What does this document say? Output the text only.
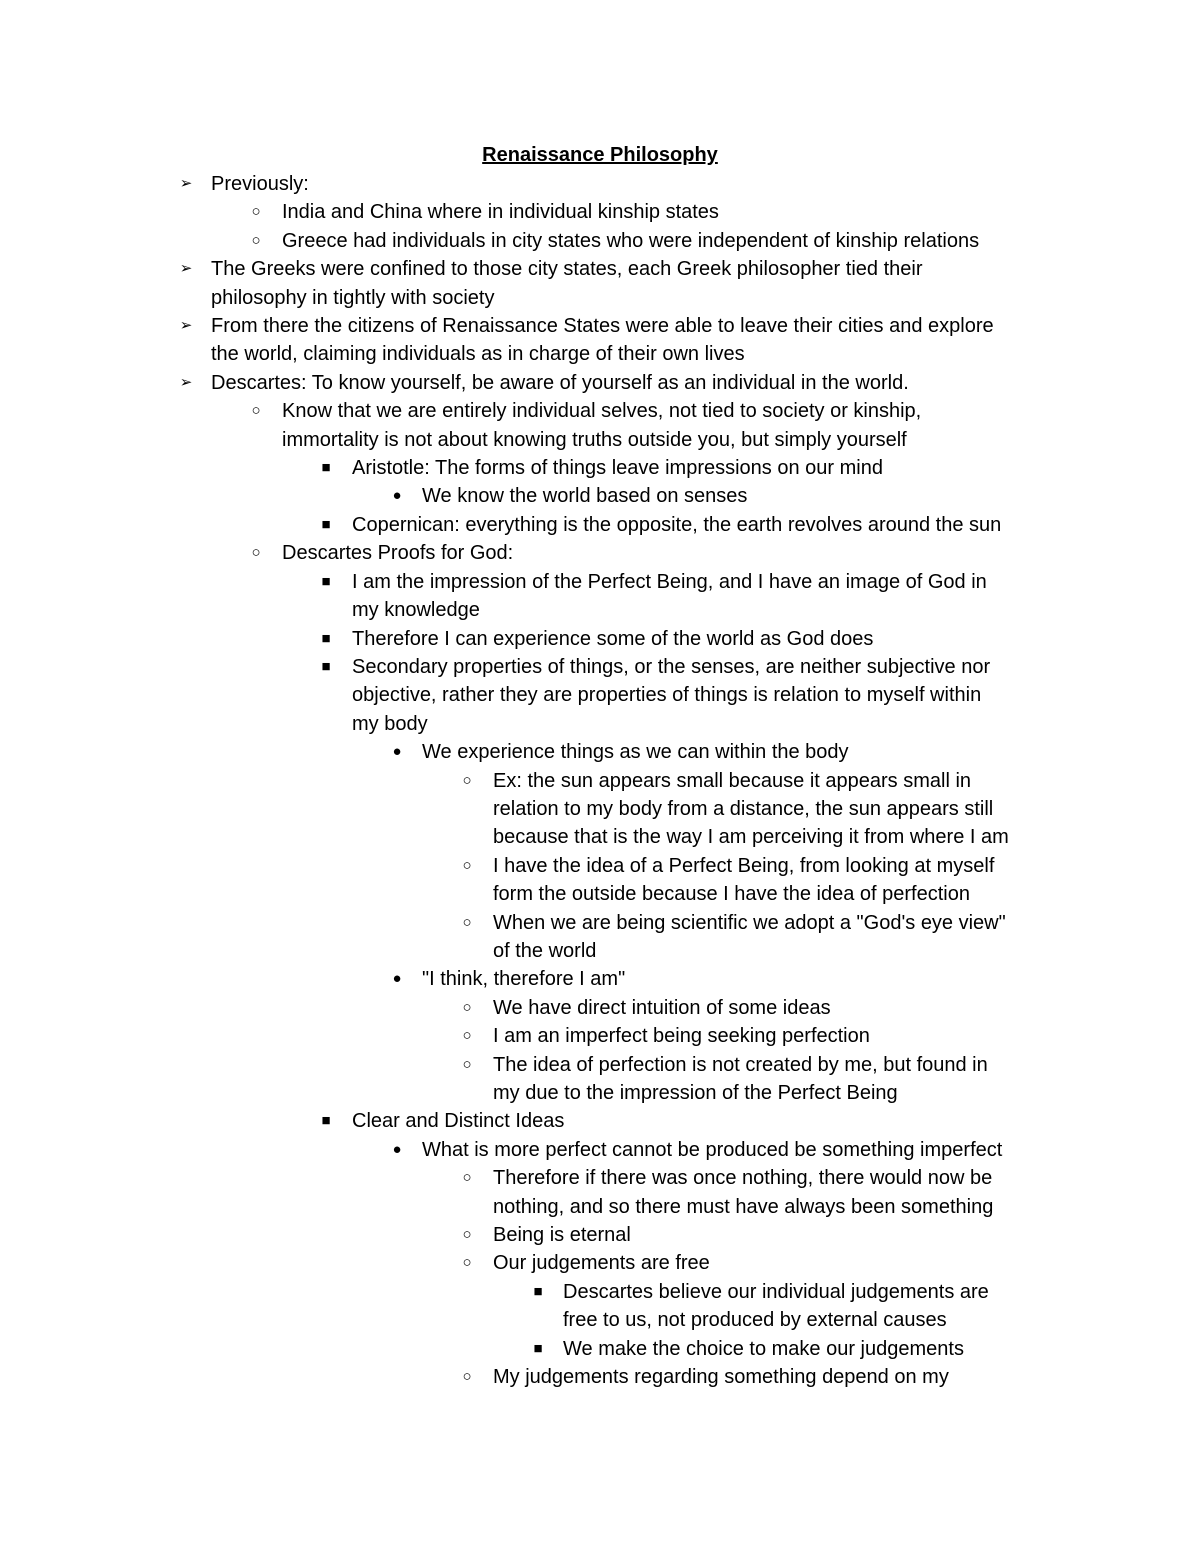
Renaissance Philosophy
➢ Previously:
○ India and China where in individual kinship states
○ Greece had individuals in city states who were independent of kinship relations
➢ The Greeks were confined to those city states, each Greek philosopher tied their
philosophy in tightly with society
➢ From there the citizens of Renaissance States were able to leave their cities and explore
the world, claiming individuals as in charge of their own lives
➢ Descartes: To know yourself, be aware of yourself as an individual in the world.
○ Know that we are entirely individual selves, not tied to society or kinship,
immortality is not about knowing truths outside you, but simply yourself
■ Aristotle: The forms of things leave impressions on our mind
● We know the world based on senses
■ Copernican: everything is the opposite, the earth revolves around the sun
○ Descartes Proofs for God:
■ I am the impression of the Perfect Being, and I have an image of God in
my knowledge
■ Therefore I can experience some of the world as God does
■ Secondary properties of things, or the senses, are neither subjective nor
objective, rather they are properties of things is relation to myself within
my body
● We experience things as we can within the body
○ Ex: the sun appears small because it appears small in
relation to my body from a distance, the sun appears still
because that is the way I am perceiving it from where I am
○ I have the idea of a Perfect Being, from looking at myself
form the outside because I have the idea of perfection
○ When we are being scientific we adopt a "God's eye view"
of the world
● "I think, therefore I am"
○ We have direct intuition of some ideas
○ I am an imperfect being seeking perfection
○ The idea of perfection is not created by me, but found in
my due to the impression of the Perfect Being
■ Clear and Distinct Ideas
● What is more perfect cannot be produced be something imperfect
○ Therefore if there was once nothing, there would now be
nothing, and so there must have always been something
○ Being is eternal
○ Our judgements are free
■ Descartes believe our individual judgements are
free to us, not produced by external causes
■ We make the choice to make our judgements
○ My judgements regarding something depend on my
